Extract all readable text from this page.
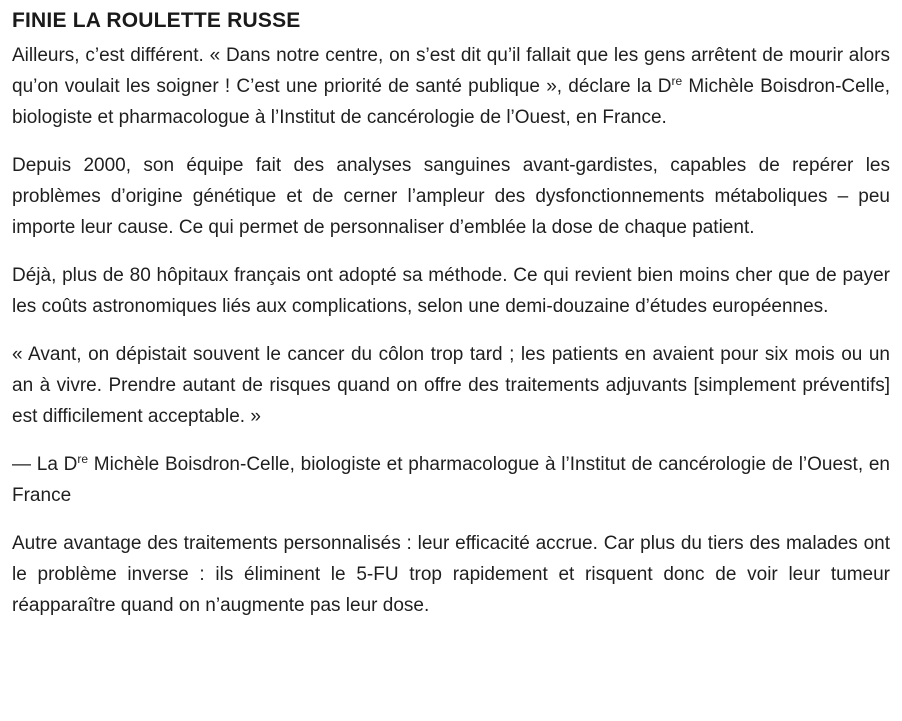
FINIE LA ROULETTE RUSSE

Ailleurs, c’est différent. « Dans notre centre, on s’est dit qu’il fallait que les gens arrêtent de mourir alors qu’on voulait les soigner ! C’est une priorité de santé publique », déclare la Dre Michèle Boisdron-Celle, biologiste et pharmacologue à l’Institut de cancérologie de l’Ouest, en France.

Depuis 2000, son équipe fait des analyses sanguines avant-gardistes, capables de repérer les problèmes d’origine génétique et de cerner l’ampleur des dysfonctionnements métaboliques – peu importe leur cause. Ce qui permet de personnaliser d’emblée la dose de chaque patient.

Déjà, plus de 80 hôpitaux français ont adopté sa méthode. Ce qui revient bien moins cher que de payer les coûts astronomiques liés aux complications, selon une demi-douzaine d’études européennes.

« Avant, on dépistait souvent le cancer du côlon trop tard ; les patients en avaient pour six mois ou un an à vivre. Prendre autant de risques quand on offre des traitements adjuvants [simplement préventifs] est difficilement acceptable. »

— La Dre Michèle Boisdron-Celle, biologiste et pharmacologue à l’Institut de cancérologie de l’Ouest, en France

Autre avantage des traitements personnalisés : leur efficacité accrue. Car plus du tiers des malades ont le problème inverse : ils éliminent le 5-FU trop rapidement et risquent donc de voir leur tumeur réapparaître quand on n’augmente pas leur dose.
